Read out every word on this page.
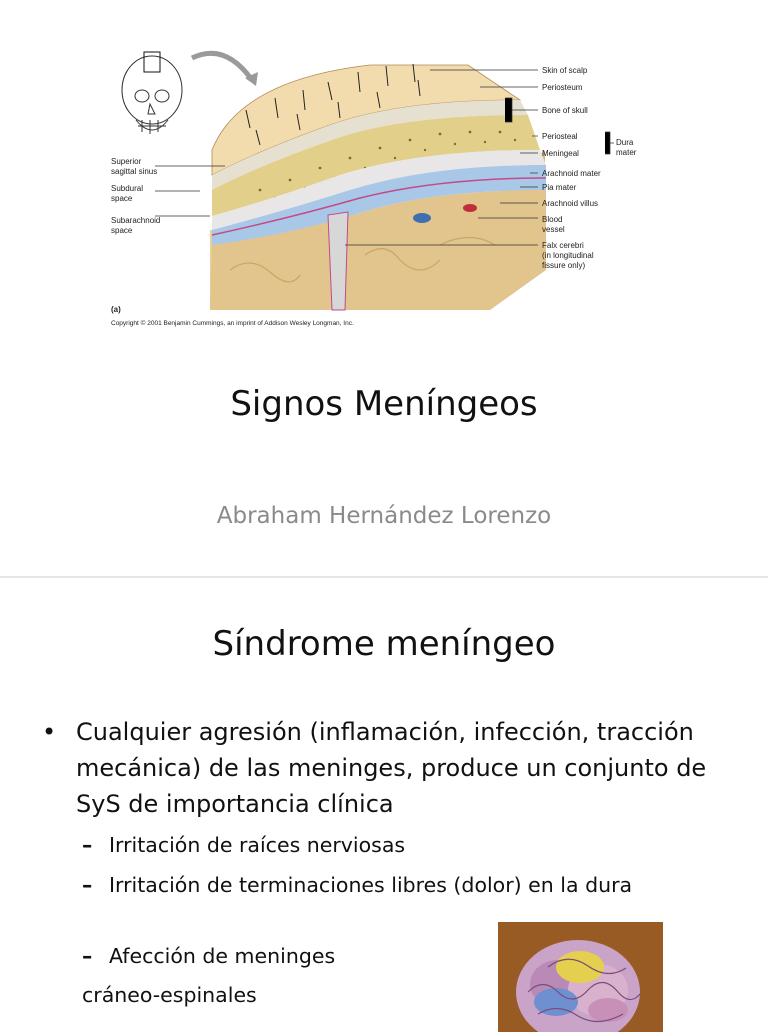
Superior
sagittal sinus
Subdural
space
Subarachnoid
space
Skin of scalp
Periosteum
Bone of skull
Periosteal
Meningeal
Dura
mater
Arachnoid mater
Pia mater
Arachnoid villus
Blood
vessel
Falx cerebri
(in longitudinal
fissure only)
(a)
Copyright © 2001 Benjamin Cummings, an imprint of Addison Wesley Longman, Inc.
Signos Meníngeos
Abraham Hernández Lorenzo
Síndrome meníngeo
• Cualquier agresión (inflamación, infección, tracción mecánica) de las meninges, produce un conjunto de SyS de importancia clínica
– Irritación de raíces nerviosas
– Irritación de terminaciones libres (dolor) en la dura
– Afección de meninges
cráneo-espinales
